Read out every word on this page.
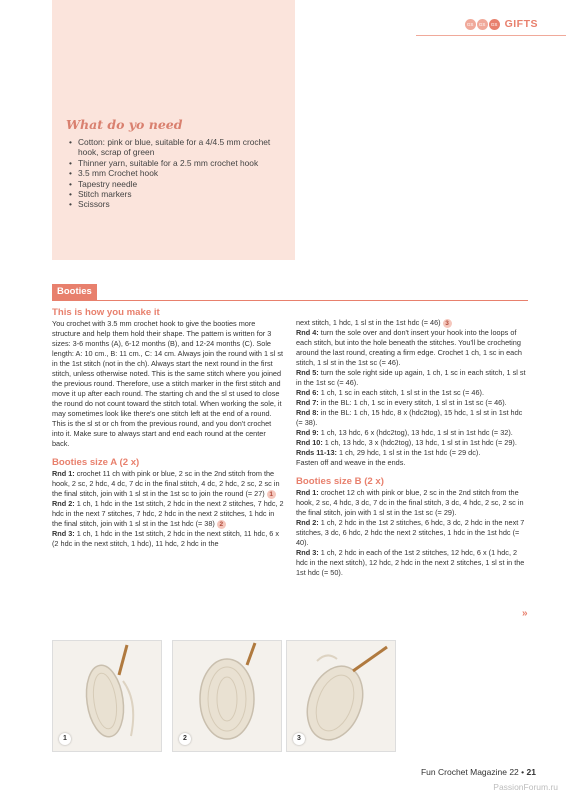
What do yo need

• Cotton: pink or blue, suitable for a 4/4.5 mm crochet hook, scrap of green
• Thinner yarn, suitable for a 2.5 mm crochet hook
• 3.5 mm Crochet hook
• Tapestry needle
• Stitch markers
• Scissors
GS	GS	GS GIFTS
Booties

This is how you make it

You crochet with 3.5 mm crochet hook to give the booties more structure and help them hold their shape. The pattern is written for 3 sizes: 3-6 months (A), 6-12 months (B), and 12-24 months (C). Sole length: A: 10 cm., B: 11 cm., C: 14 cm. Always join the round with 1 sl st in the 1st stitch (not in the ch). Always start the next round in the first stitch, unless otherwise noted. This is the same stitch where you joined the previous round. Therefore, use a stitch marker in the first stitch and move it up after each round. The starting ch and the sl st used to close the round do not count toward the stitch total. When working the sole, it may sometimes look like there's one stitch left at the end of a round. This is the sl st or ch from the previous round, and you don't crochet into it. Make sure to always start and end each round at the center back.

Booties size A (2 x)

Rnd 1: crochet 11 ch with pink or blue, 2 sc in the 2nd stitch from the hook, 2 sc, 2 hdc, 4 dc, 7 dc in the final stitch, 4 dc, 2 hdc, 2 sc, 2 sc in the final stitch, join with 1 sl st in the 1st sc to join the round (= 27) 1

Rnd 2: 1 ch, 1 hdc in the 1st stitch, 2 hdc in the next 2 stitches, 7 hdc, 2 hdc in the next 7 stitches, 7 hdc, 2 hdc in the next 2 stitches, 1 hdc in the final stitch, join with 1 sl st in the 1st hdc (= 38) 2

Rnd 3: 1 ch, 1 hdc in the 1st stitch, 2 hdc in the next stitch, 11 hdc, 6 x (2 hdc in the next stitch, 1 hdc), 11 hdc, 2 hdc in the

next stitch, 1 hdc, 1 sl st in the 1st hdc (= 46) 3

Rnd 4: turn the sole over and don't insert your hook into the loops of each stitch, but into the hole beneath the stitches. You'll be crocheting around the last round, creating a firm edge. Crochet 1 ch, 1 sc in each stitch, 1 sl st in the 1st sc (= 46).

Rnd 5: turn the sole right side up again, 1 ch, 1 sc in each stitch, 1 sl st in the 1st sc (= 46).

Rnd 6: 1 ch, 1 sc in each stitch, 1 sl st in the 1st sc (= 46).

Rnd 7: in the BL: 1 ch, 1 sc in every stitch, 1 sl st in 1st sc (= 46).

Rnd 8: in the BL: 1 ch, 15 hdc, 8 x (hdc2tog), 15 hdc, 1 sl st in 1st hdc (= 38).

Rnd 9: 1 ch, 13 hdc, 6 x (hdc2tog), 13 hdc, 1 sl st in 1st hdc (= 32).

Rnd 10: 1 ch, 13 hdc, 3 x (hdc2tog), 13 hdc, 1 sl st in 1st hdc (= 29).

Rnds 11-13: 1 ch, 29 hdc, 1 sl st in the 1st hdc (= 29 dc).

Fasten off and weave in the ends.

Booties size B (2 x)

Rnd 1: crochet 12 ch with pink or blue, 2 sc in the 2nd stitch from the hook, 2 sc, 4 hdc, 3 dc, 7 dc in the final stitch, 3 dc, 4 hdc, 2 sc, 2 sc in the final stitch, join with 1 sl st in the 1st sc (= 29).

Rnd 2: 1 ch, 2 hdc in the 1st 2 stitches, 6 hdc, 3 dc, 2 hdc in the next 7 stitches, 3 dc, 6 hdc, 2 hdc the next 2 stitches, 1 hdc in the 1st hdc (= 40).

Rnd 3: 1 ch, 2 hdc in each of the 1st 2 stitches, 12 hdc, 6 x (1 hdc, 2 hdc in the next stitch), 12 hdc, 2 hdc in the next 2 stitches, 1 sl st in the 1st hdc (= 50).

»
1	2	3
Fun Crochet Magazine 22 • 21
PassionForum.ru
